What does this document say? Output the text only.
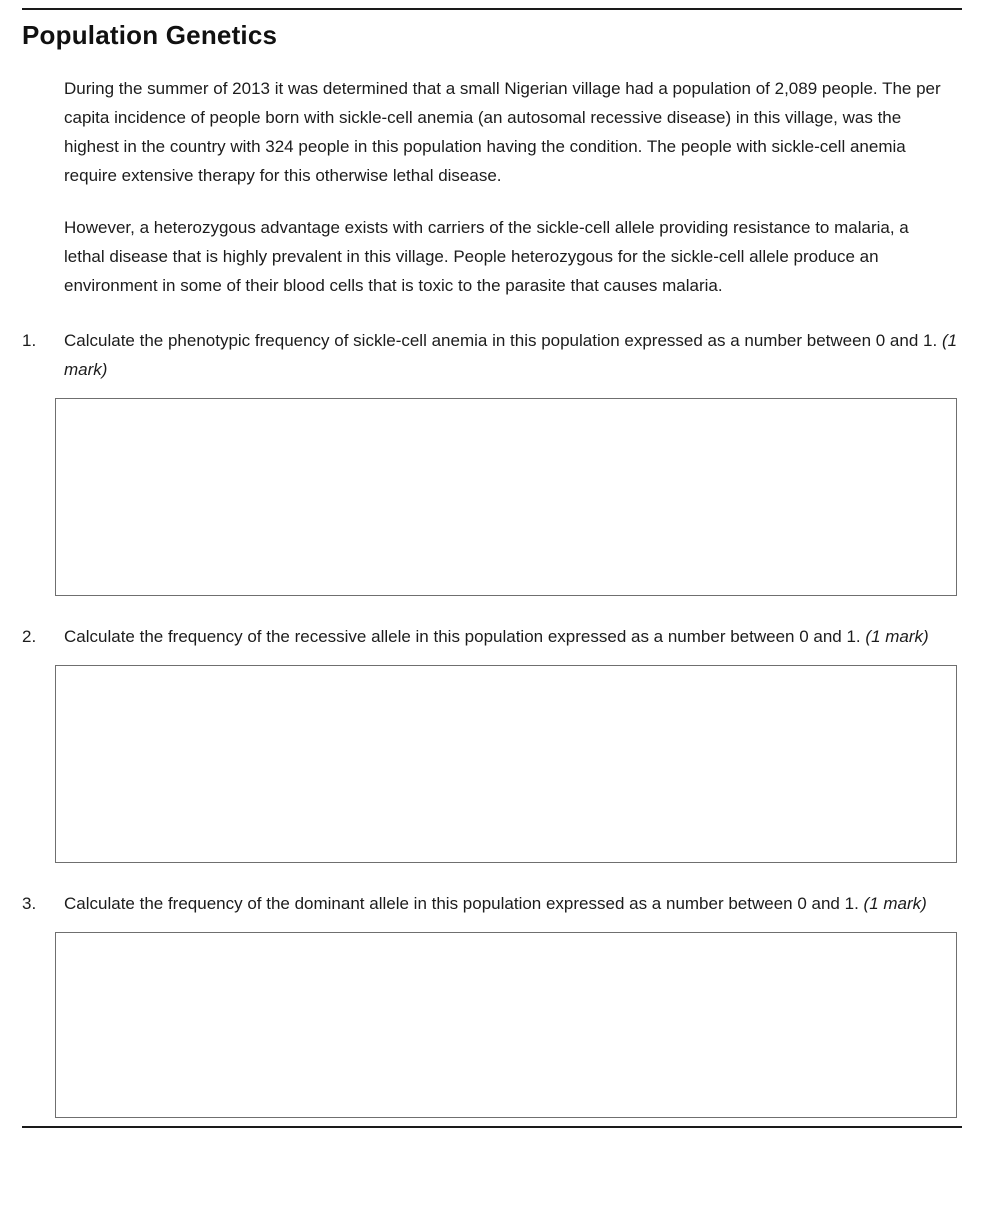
Population Genetics

During the summer of 2013 it was determined that a small Nigerian village had a population of 2,089 people. The per capita incidence of people born with sickle-cell anemia (an autosomal recessive disease) in this village, was the highest in the country with 324 people in this population having the condition. The people with sickle-cell anemia require extensive therapy for this otherwise lethal disease.

However, a heterozygous advantage exists with carriers of the sickle-cell allele providing resistance to malaria, a lethal disease that is highly prevalent in this village. People heterozygous for the sickle-cell allele produce an environment in some of their blood cells that is toxic to the parasite that causes malaria.

1.	Calculate the phenotypic frequency of sickle-cell anemia in this population expressed as a number between 0 and 1. (1 mark)
2.	Calculate the frequency of the recessive allele in this population expressed as a number between 0 and 1. (1 mark)
3.	Calculate the frequency of the dominant allele in this population expressed as a number between 0 and 1. (1 mark)
